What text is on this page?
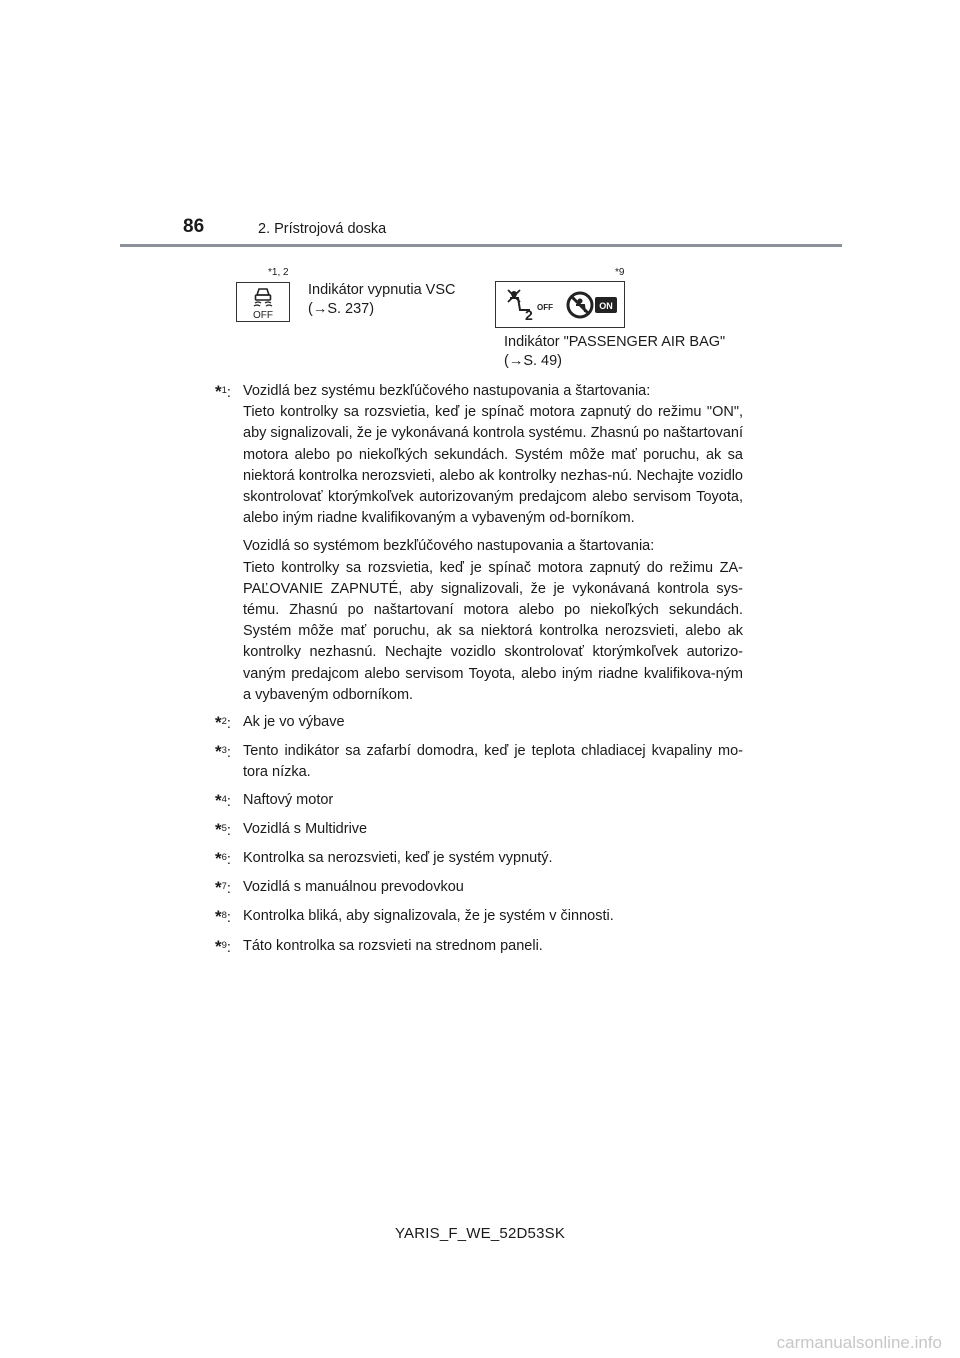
86	2. Prístrojová doska
*1, 2
OFF
Indikátor vypnutia VSC
(→S. 237)
*9
2 OFF	ON
Indikátor "PASSENGER AIR BAG"
(→S. 49)
*$^1$: Vozidlá bez systému bezkľúčového nastupovania a štartovania:
Tieto kontrolky sa rozsvietia, keď je spínač motora zapnutý do režimu "ON", aby signalizovali, že je vykonávaná kontrola systému. Zhasnú po naštartovaní motora alebo po niekoľkých sekundách. Systém môže mať poruchu, ak sa niektorá kontrolka nerozsvieti, alebo ak kontrolky nezhas-nú. Nechajte vozidlo skontrolovať ktorýmkoľvek autorizovaným predajcom alebo servisom Toyota, alebo iným riadne kvalifikovaným a vybaveným od-borníkom.

Vozidlá so systémom bezkľúčového nastupovania a štartovania:
Tieto kontrolky sa rozsvietia, keď je spínač motora zapnutý do režimu ZA-PAĽOVANIE ZAPNUTÉ, aby signalizovali, že je vykonávaná kontrola sys-tému. Zhasnú po naštartovaní motora alebo po niekoľkých sekundách. Systém môže mať poruchu, ak sa niektorá kontrolka nerozsvieti, alebo ak kontrolky nezhasnú. Nechajte vozidlo skontrolovať ktorýmkoľvek autorizo-vaným predajcom alebo servisom Toyota, alebo iným riadne kvalifikova-ným a vybaveným odborníkom.

*$^2$: Ak je vo výbave

*$^3$: Tento indikátor sa zafarbí domodra, keď je teplota chladiacej kvapaliny mo-tora nízka.

*$^4$: Naftový motor

*$^5$: Vozidlá s Multidrive

*$^6$: Kontrolka sa nerozsvieti, keď je systém vypnutý.

*$^7$: Vozidlá s manuálnou prevodovkou

*$^8$: Kontrolka bliká, aby signalizovala, že je systém v činnosti.

*$^9$: Táto kontrolka sa rozsvieti na strednom paneli.

YARIS_F_WE_52D53SK
carmanualsonline.info
